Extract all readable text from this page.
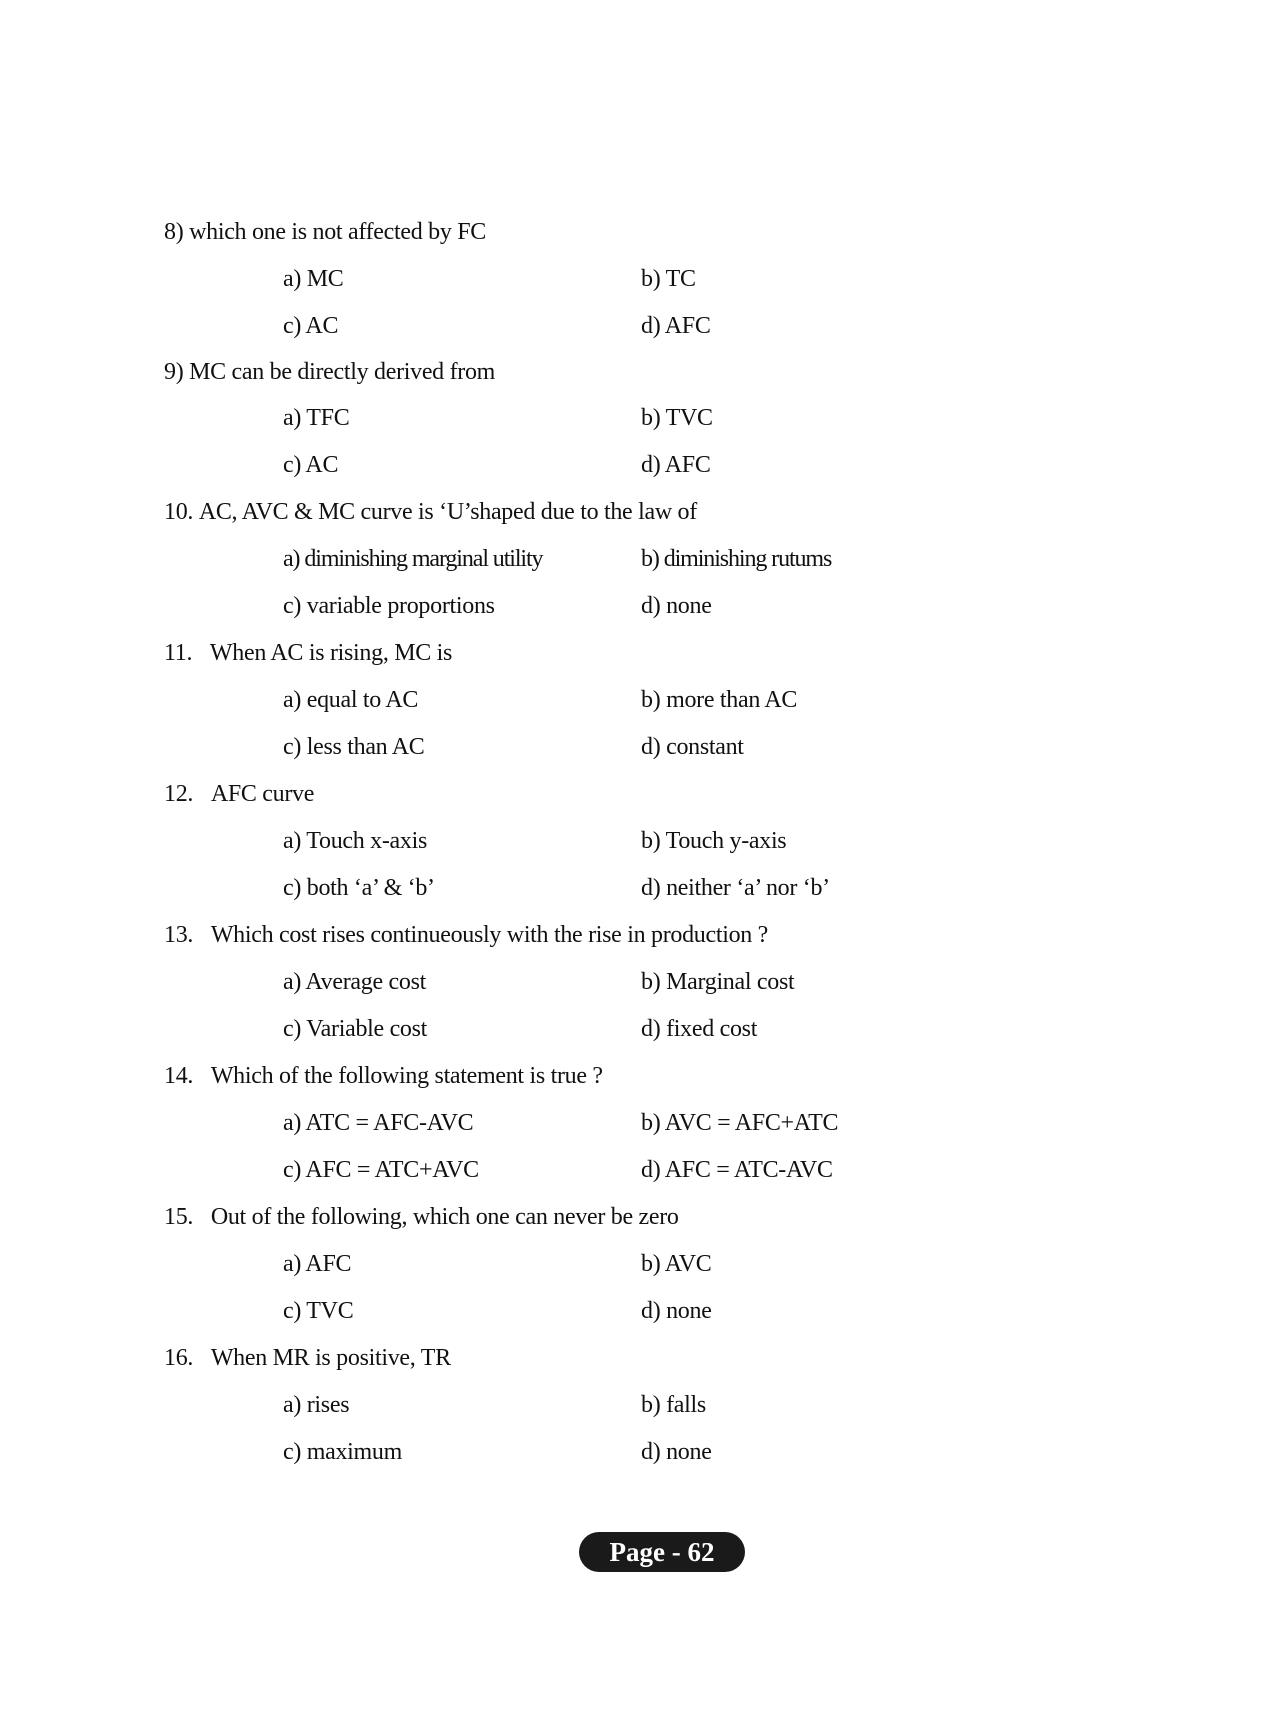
8) which one is not affected by FC
a) MC	b) TC
c) AC	d) AFC
9) MC can be directly derived from
a) TFC	b) TVC
c) AC	d) AFC
10. AC, AVC & MC curve is ‘U’shaped due to the law of
a) diminishing marginal utility	b) diminishing rutums
c) variable proportions	d) none
11. When AC is rising, MC is
a) equal to AC	b) more than AC
c) less than AC	d) constant
12. AFC curve
a) Touch x-axis	b) Touch y-axis
c) both ‘a’ & ‘b’	d) neither ‘a’ nor ‘b’
13. Which cost rises continueously with the rise in production ?
a) Average cost	b) Marginal cost
c) Variable cost	d) fixed cost
14. Which of the following statement is true ?
a) ATC = AFC-AVC	b) AVC = AFC+ATC
c) AFC = ATC+AVC	d) AFC = ATC-AVC
15. Out of the following, which one can never be zero
a) AFC	b) AVC
c) TVC	d) none
16. When MR is positive, TR
a) rises	b) falls
c) maximum	d) none
Page - 62
